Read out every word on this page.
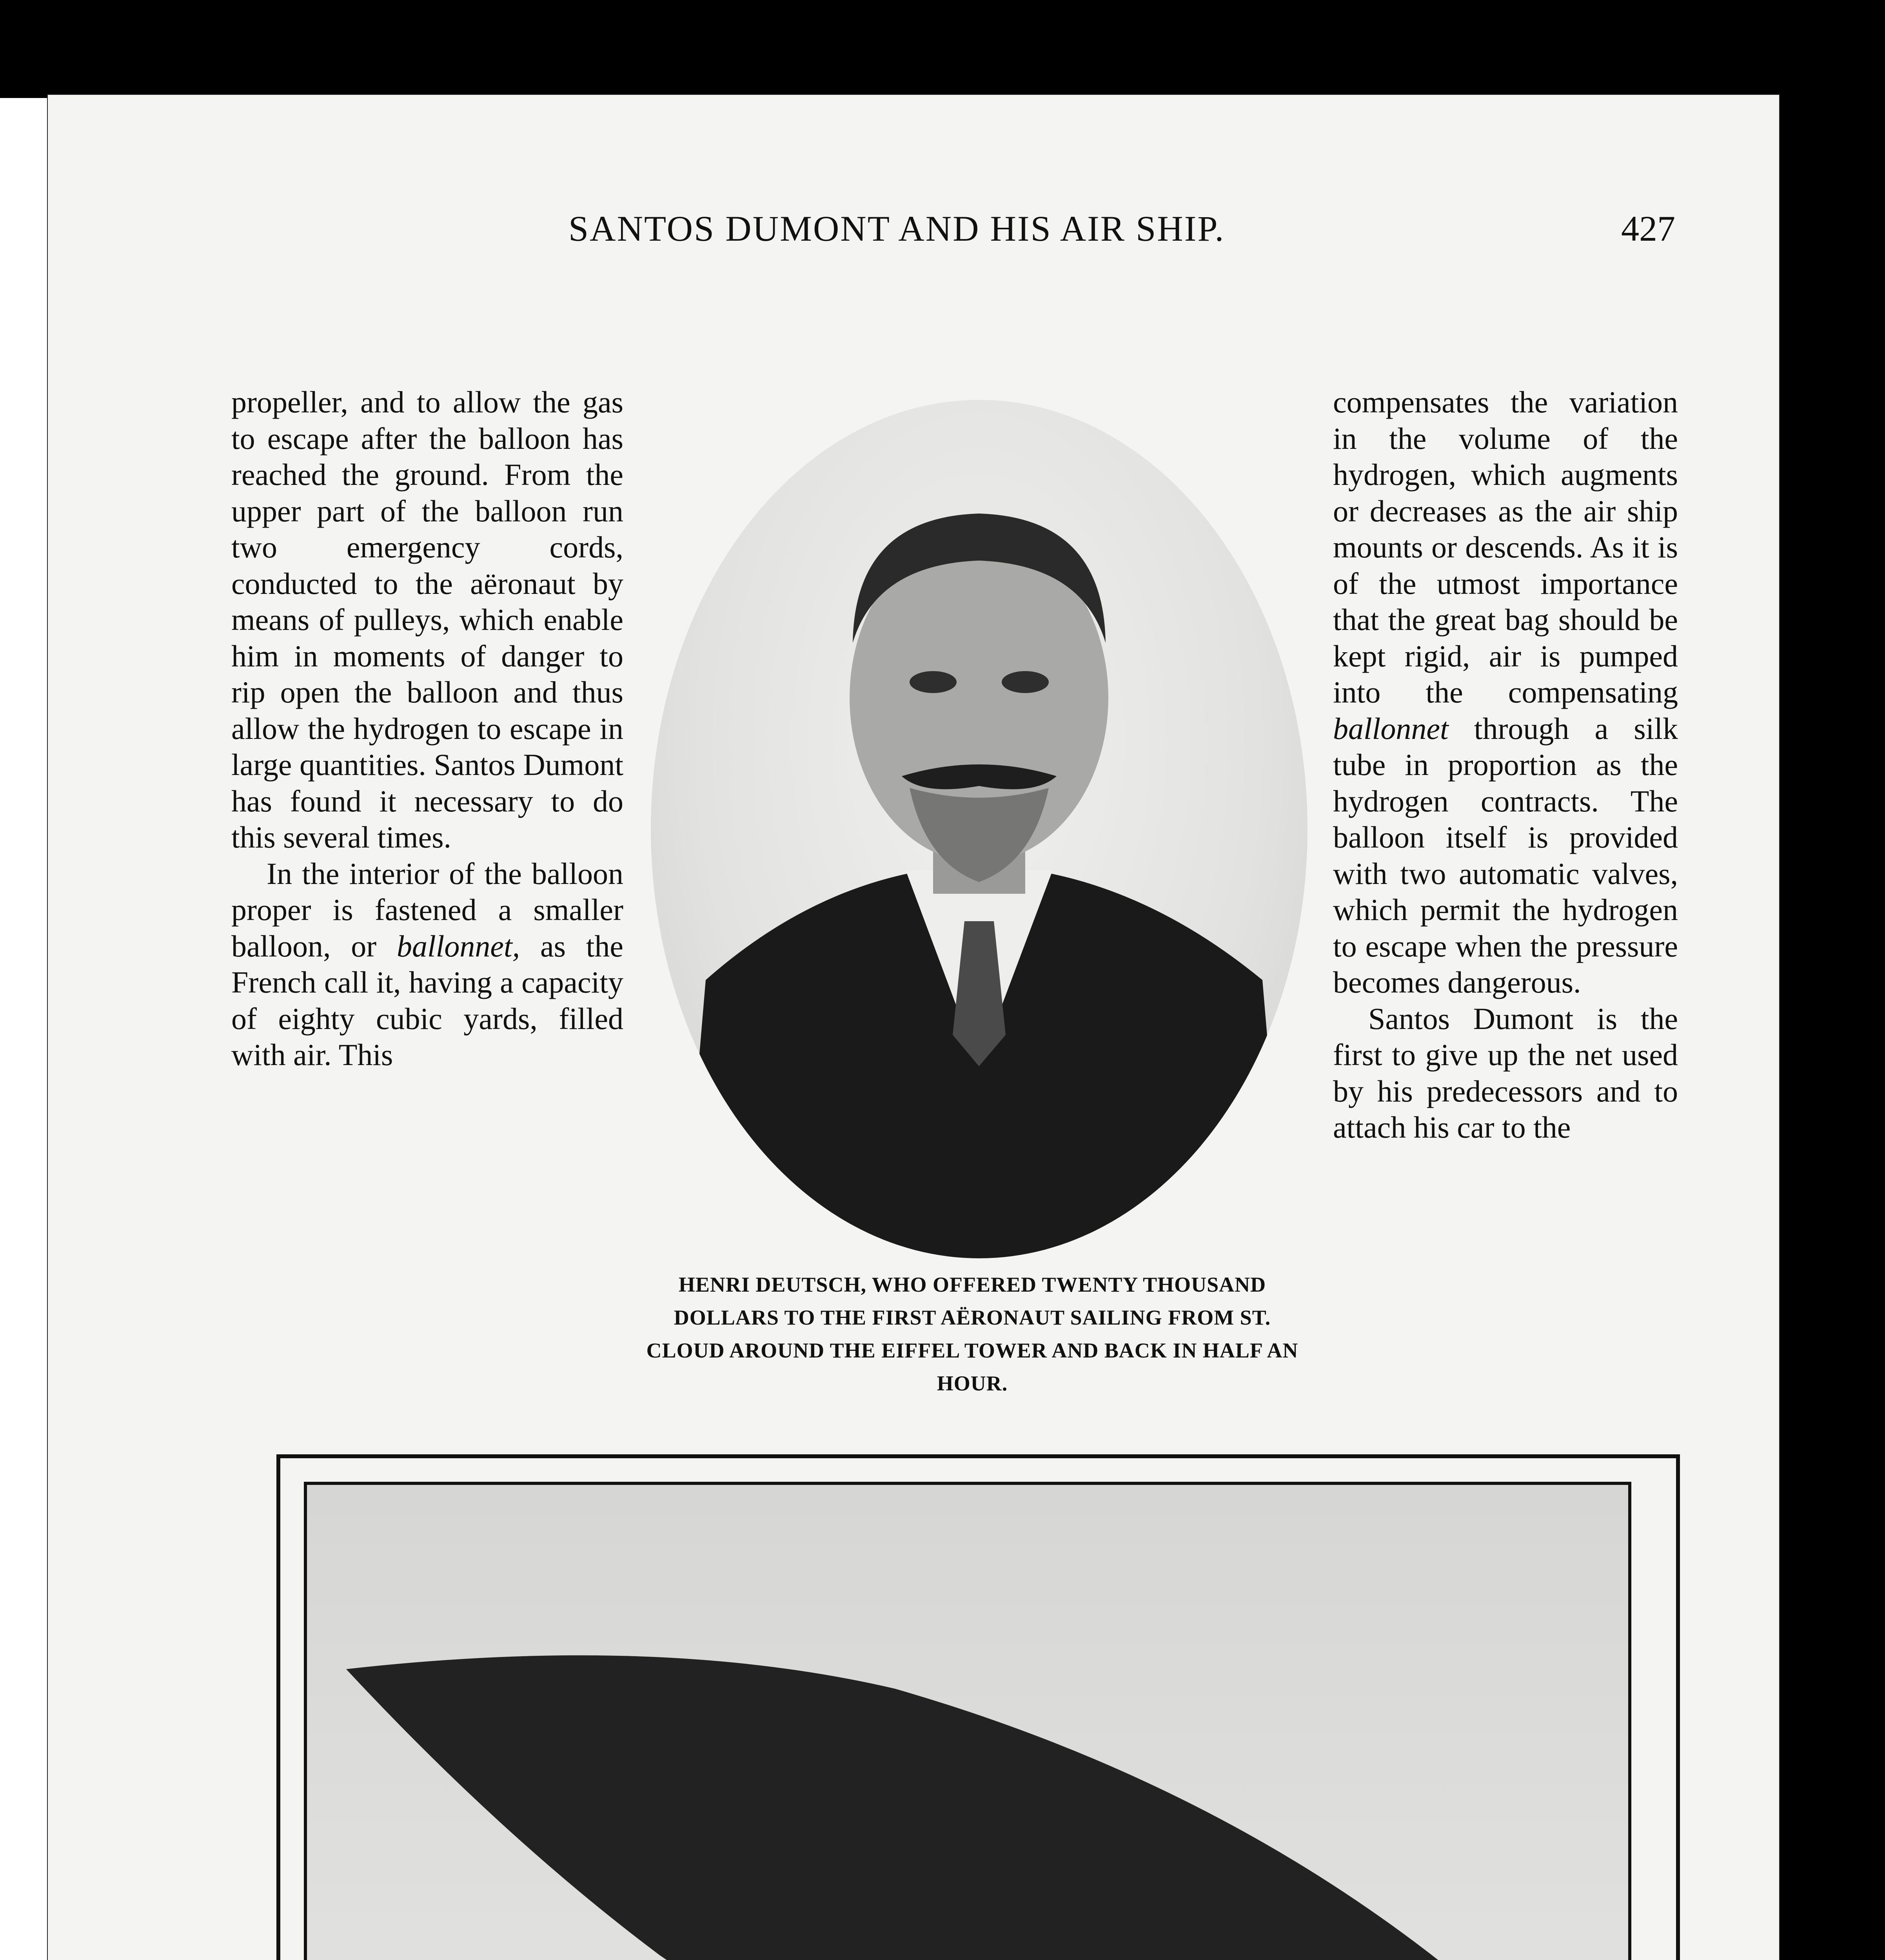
SANTOS DUMONT AND HIS AIR SHIP.	427

propeller, and to allow the gas to escape after the balloon has reached the ground. From the upper part of the balloon run two emergency cords, conducted to the aëronaut by means of pulleys, which enable him in moments of danger to rip open the balloon and thus allow the hydrogen to escape in large quantities. Santos Dumont has found it necessary to do this several times.

In the interior of the balloon proper is fastened a smaller balloon, or ballonnet, as the French call it, having a capacity of eighty cubic yards, filled with air. This

HENRI DEUTSCH, WHO OFFERED TWENTY THOUSAND DOLLARS TO THE FIRST AËRONAUT SAILING FROM ST. CLOUD AROUND THE EIFFEL TOWER AND BACK IN HALF AN HOUR.

compensates the variation in the volume of the hydrogen, which augments or decreases as the air ship mounts or descends. As it is of the utmost importance that the great bag should be kept rigid, air is pumped into the compensating ballonnet through a silk tube in proportion as the hydrogen contracts. The balloon itself is provided with two automatic valves, which permit the hydrogen to escape when the pressure becomes dangerous.

Santos Dumont is the first to give up the net used by his predecessors and to attach his car to the
